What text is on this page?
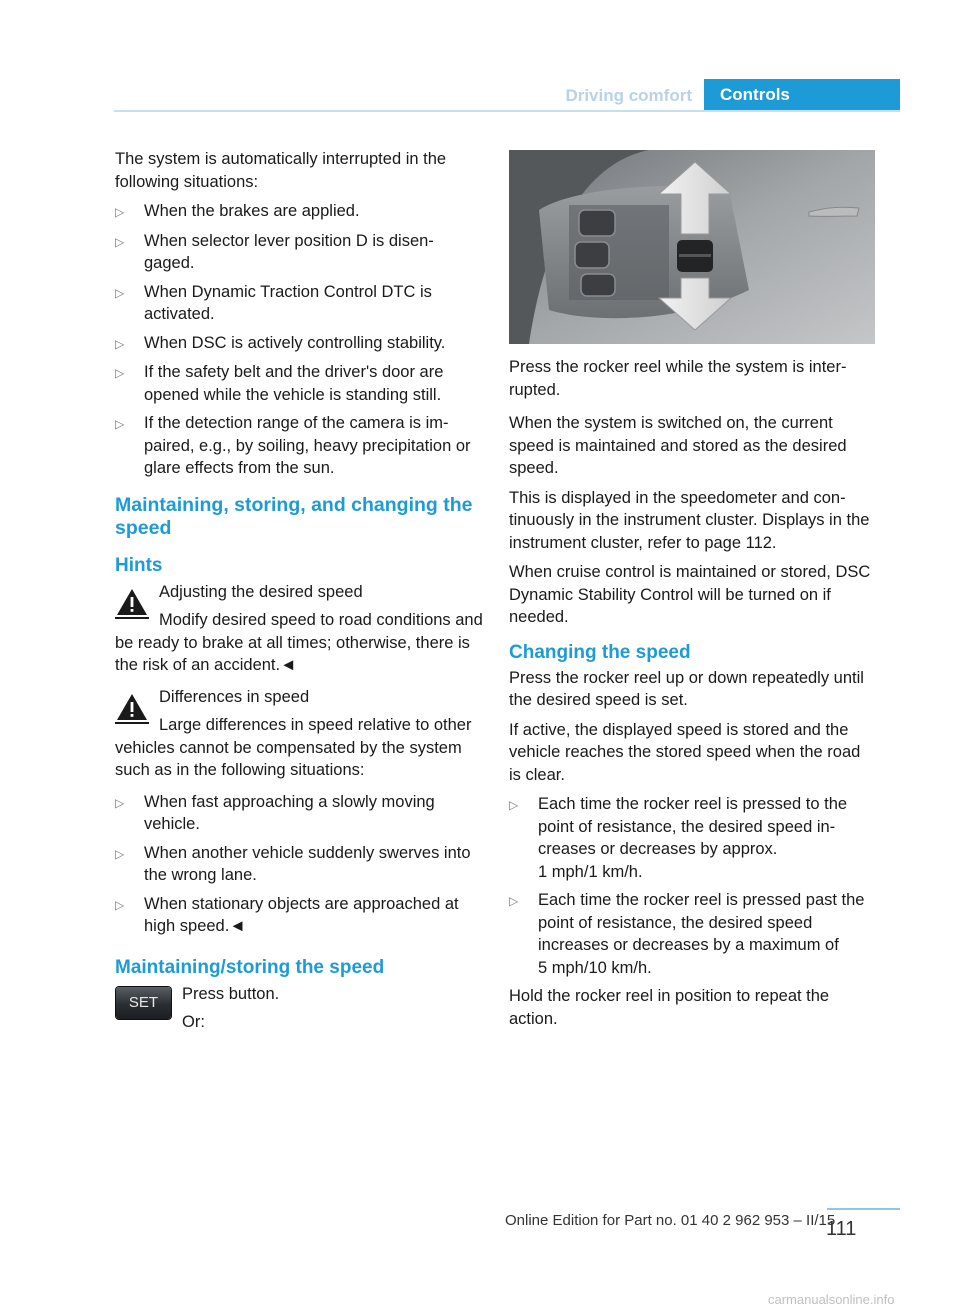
Driving comfort	Controls

The system is automatically interrupted in the following situations:

▷	When the brakes are applied.
▷	When selector lever position D is disen-gaged.
▷	When Dynamic Traction Control DTC is activated.
▷	When DSC is actively controlling stability.
▷	If the safety belt and the driver's door are opened while the vehicle is standing still.
▷	If the detection range of the camera is im-paired, e.g., by soiling, heavy precipitation or glare effects from the sun.
Maintaining, storing, and changing the speed
Hints
Adjusting the desired speed
Modify desired speed to road conditions and be ready to brake at all times; otherwise, there is the risk of an accident.◄
Differences in speed
Large differences in speed relative to other vehicles cannot be compensated by the system such as in the following situations:
▷	When fast approaching a slowly moving vehicle.
▷	When another vehicle suddenly swerves into the wrong lane.
▷	When stationary objects are approached at high speed.◄
Maintaining/storing the speed
SET	Press button.

Or:

Press the rocker reel while the system is inter-rupted.

When the system is switched on, the current speed is maintained and stored as the desired speed.

This is displayed in the speedometer and con-tinuously in the instrument cluster. Displays in the instrument cluster, refer to page 112.

When cruise control is maintained or stored, DSC Dynamic Stability Control will be turned on if needed.

Changing the speed

Press the rocker reel up or down repeatedly until the desired speed is set.

If active, the displayed speed is stored and the vehicle reaches the stored speed when the road is clear.

▷	Each time the rocker reel is pressed to the point of resistance, the desired speed in-creases or decreases by approx.
1 mph/1 km/h.
▷	Each time the rocker reel is pressed past the point of resistance, the desired speed increases or decreases by a maximum of
5 mph/10 km/h.

Hold the rocker reel in position to repeat the action.

Online Edition for Part no. 01 40 2 962 953 – II/15
111
carmanualsonline.info
